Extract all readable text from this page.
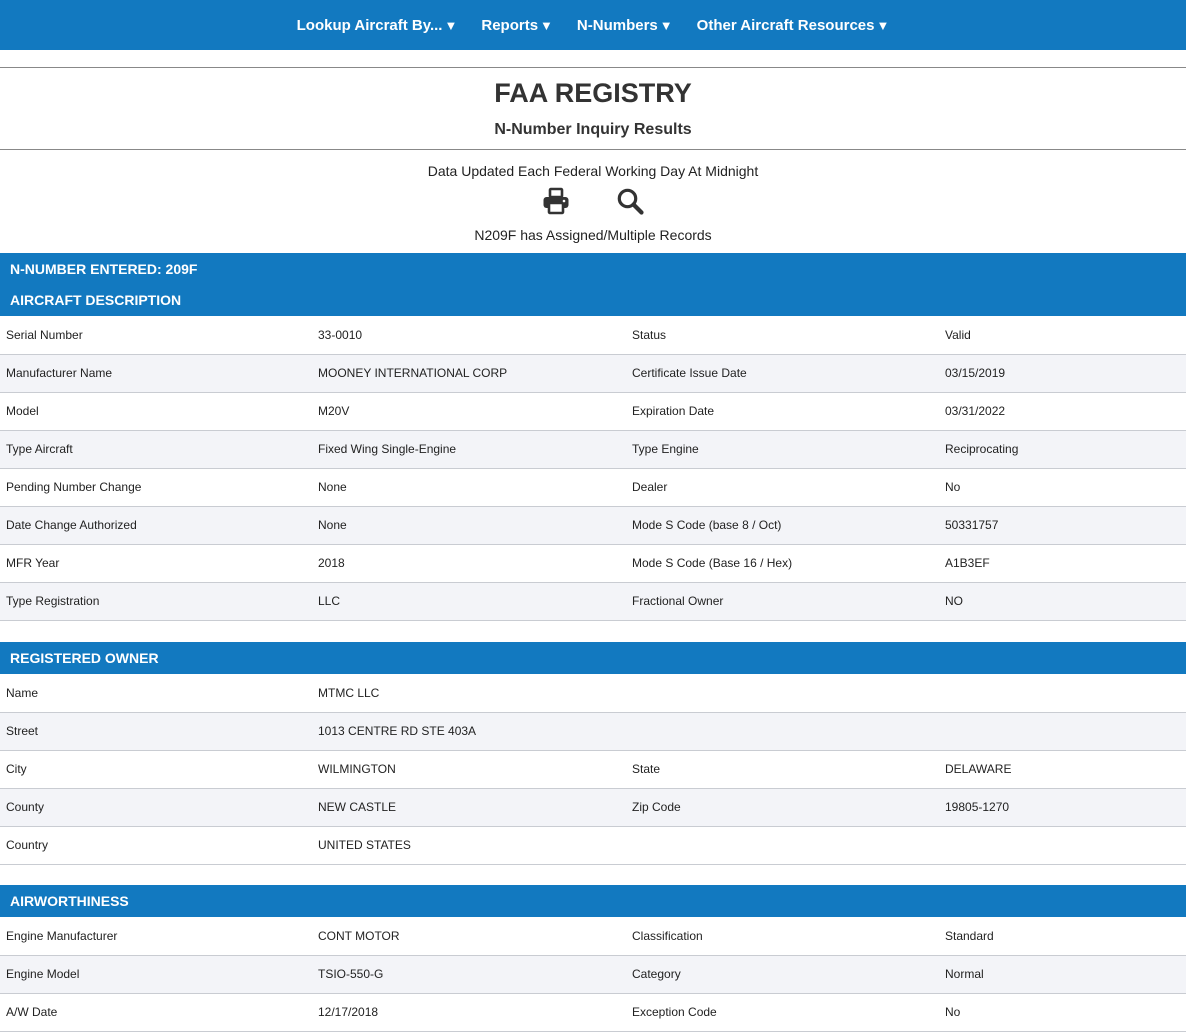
Lookup Aircraft By... ▼ Reports ▼ N-Numbers ▼ Other Aircraft Resources ▼
FAA REGISTRY
N-Number Inquiry Results
Data Updated Each Federal Working Day At Midnight
N209F has Assigned/Multiple Records
N-NUMBER ENTERED: 209F
AIRCRAFT DESCRIPTION
Serial Number	33-0010	Status	Valid
Manufacturer Name	MOONEY INTERNATIONAL CORP	Certificate Issue Date	03/15/2019
Model	M20V	Expiration Date	03/31/2022
Type Aircraft	Fixed Wing Single-Engine	Type Engine	Reciprocating
Pending Number Change	None	Dealer	No
Date Change Authorized	None	Mode S Code (base 8 / Oct)	50331757
MFR Year	2018	Mode S Code (Base 16 / Hex)	A1B3EF
Type Registration	LLC	Fractional Owner	NO
REGISTERED OWNER
Name	MTMC LLC		
Street	1013 CENTRE RD STE 403A		
City	WILMINGTON	State	DELAWARE
County	NEW CASTLE	Zip Code	19805-1270
Country	UNITED STATES		
AIRWORTHINESS
Engine Manufacturer	CONT MOTOR	Classification	Standard
Engine Model	TSIO-550-G	Category	Normal
A/W Date	12/17/2018	Exception Code	No
